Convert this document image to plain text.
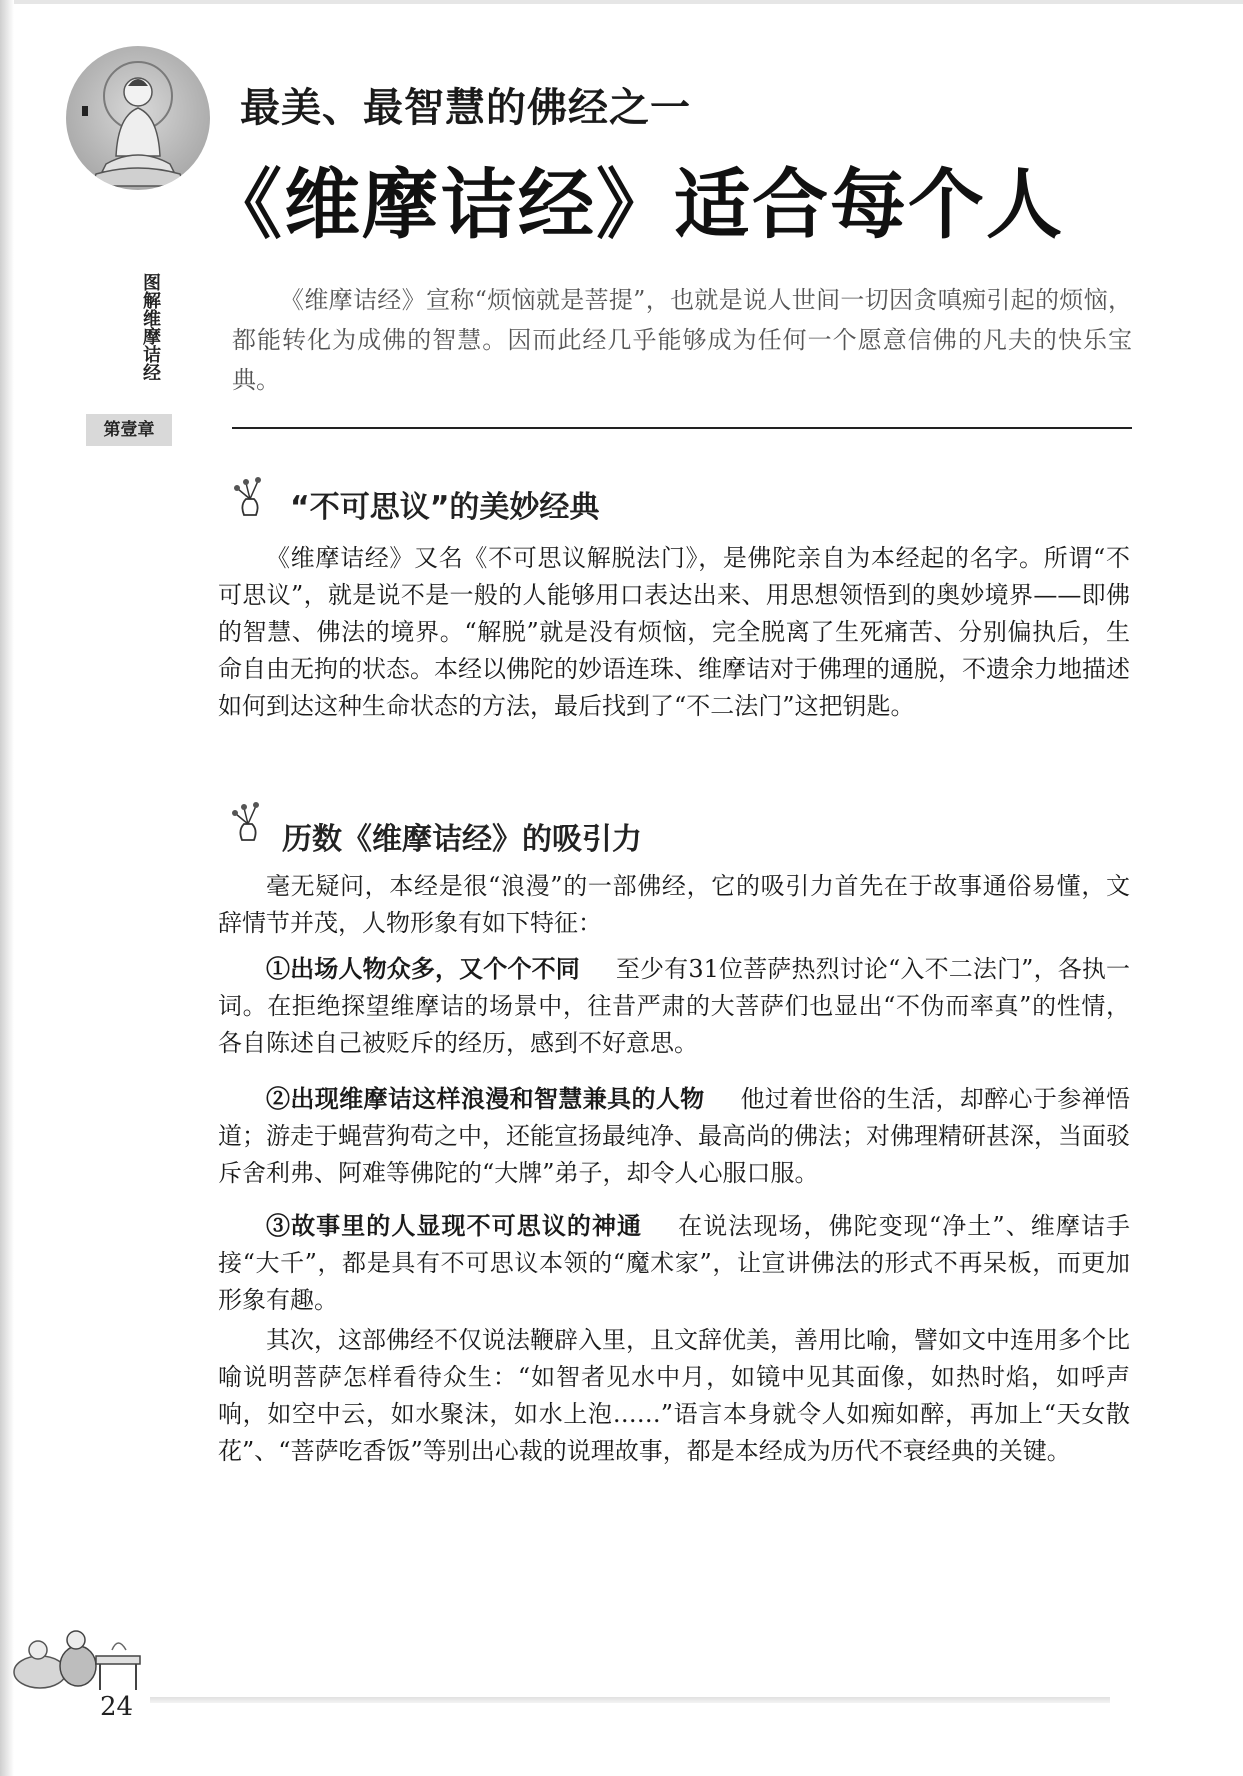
图解维摩诘经
第壹章
最美、最智慧的佛经之一
《维摩诘经》适合每个人

《维摩诘经》宣称“烦恼就是菩提”，也就是说人世间一切因贪嗔痴引起的烦恼，都能转化为成佛的智慧。因而此经几乎能够成为任何一个愿意信佛的凡夫的快乐宝典。

“不可思议”的美妙经典

《维摩诘经》又名《不可思议解脱法门》，是佛陀亲自为本经起的名字。所谓“不可思议”，就是说不是一般的人能够用口表达出来、用思想领悟到的奥妙境界——即佛的智慧、佛法的境界。“解脱”就是没有烦恼，完全脱离了生死痛苦、分别偏执后，生命自由无拘的状态。本经以佛陀的妙语连珠、维摩诘对于佛理的通脱，不遗余力地描述如何到达这种生命状态的方法，最后找到了“不二法门”这把钥匙。

历数《维摩诘经》的吸引力

毫无疑问，本经是很“浪漫”的一部佛经，它的吸引力首先在于故事通俗易懂，文辞情节并茂，人物形象有如下特征：

①出场人物众多，又个个不同 至少有31位菩萨热烈讨论“入不二法门”，各执一词。在拒绝探望维摩诘的场景中，往昔严肃的大菩萨们也显出“不伪而率真”的性情，各自陈述自己被贬斥的经历，感到不好意思。

②出现维摩诘这样浪漫和智慧兼具的人物 他过着世俗的生活，却醉心于参禅悟道；游走于蝇营狗苟之中，还能宣扬最纯净、最高尚的佛法；对佛理精研甚深，当面驳斥舍利弗、阿难等佛陀的“大牌”弟子，却令人心服口服。

③故事里的人显现不可思议的神通 在说法现场，佛陀变现“净土”、维摩诘手接“大千”，都是具有不可思议本领的“魔术家”，让宣讲佛法的形式不再呆板，而更加形象有趣。

其次，这部佛经不仅说法鞭辟入里，且文辞优美，善用比喻，譬如文中连用多个比喻说明菩萨怎样看待众生：“如智者见水中月，如镜中见其面像，如热时焰，如呼声响，如空中云，如水聚沫，如水上泡……”语言本身就令人如痴如醉，再加上“天女散花”、“菩萨吃香饭”等别出心裁的说理故事，都是本经成为历代不衰经典的关键。

24
